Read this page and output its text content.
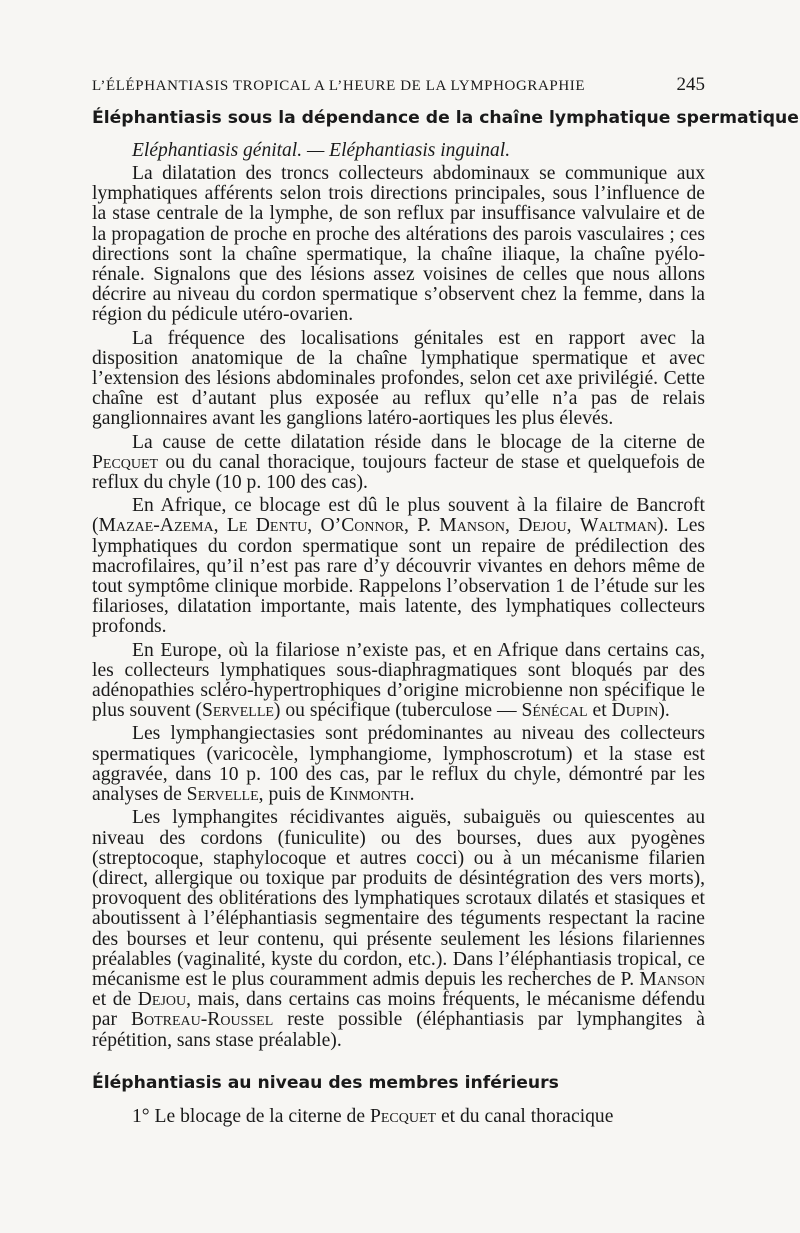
L’ÉLÉPHANTIASIS TROPICAL A L’HEURE DE LA LYMPHOGRAPHIE	245
Éléphantiasis sous la dépendance de la chaîne lymphatique spermatique
Eléphantiasis génital. — Eléphantiasis inguinal.

La dilatation des troncs collecteurs abdominaux se communique aux lymphatiques afférents selon trois directions principales, sous l’influence de la stase centrale de la lymphe, de son reflux par insuffisance valvulaire et de la propagation de proche en proche des altérations des parois vasculaires ; ces directions sont la chaîne spermatique, la chaîne iliaque, la chaîne pyélo-rénale. Signalons que des lésions assez voisines de celles que nous allons décrire au niveau du cordon spermatique s’observent chez la femme, dans la région du pédicule utéro-ovarien.

La fréquence des localisations génitales est en rapport avec la disposition anatomique de la chaîne lymphatique spermatique et avec l’extension des lésions abdominales profondes, selon cet axe privilégié. Cette chaîne est d’autant plus exposée au reflux qu’elle n’a pas de relais ganglionnaires avant les ganglions latéro-aortiques les plus élevés.

La cause de cette dilatation réside dans le blocage de la citerne de Pecquet ou du canal thoracique, toujours facteur de stase et quelquefois de reflux du chyle (10 p. 100 des cas).

En Afrique, ce blocage est dû le plus souvent à la filaire de Bancroft (Mazae-Azema, Le Dentu, O’Connor, P. Manson, Dejou, Waltman). Les lymphatiques du cordon spermatique sont un repaire de prédilection des macrofilaires, qu’il n’est pas rare d’y découvrir vivantes en dehors même de tout symptôme clinique morbide. Rappelons l’observation 1 de l’étude sur les filarioses, dilatation importante, mais latente, des lymphatiques collecteurs profonds.

En Europe, où la filariose n’existe pas, et en Afrique dans certains cas, les collecteurs lymphatiques sous-diaphragmatiques sont bloqués par des adénopathies scléro-hypertrophiques d’origine microbienne non spécifique le plus souvent (Servelle) ou spécifique (tuberculose — Sénécal et Dupin).

Les lymphangiectasies sont prédominantes au niveau des collecteurs spermatiques (varicocèle, lymphangiome, lymphoscrotum) et la stase est aggravée, dans 10 p. 100 des cas, par le reflux du chyle, démontré par les analyses de Servelle, puis de Kinmonth.

Les lymphangites récidivantes aiguës, subaiguës ou quiescentes au niveau des cordons (funiculite) ou des bourses, dues aux pyogènes (streptocoque, staphylocoque et autres cocci) ou à un mécanisme filarien (direct, allergique ou toxique par produits de désintégration des vers morts), provoquent des oblitérations des lymphatiques scrotaux dilatés et stasiques et aboutissent à l’éléphantiasis segmentaire des téguments respectant la racine des bourses et leur contenu, qui présente seulement les lésions filariennes préalables (vaginalité, kyste du cordon, etc.). Dans l’éléphantiasis tropical, ce mécanisme est le plus couramment admis depuis les recherches de P. Manson et de Dejou, mais, dans certains cas moins fréquents, le mécanisme défendu par Botreau-Roussel reste possible (éléphantiasis par lymphangites à répétition, sans stase préalable).

Éléphantiasis au niveau des membres inférieurs

1° Le blocage de la citerne de Pecquet et du canal thoracique
